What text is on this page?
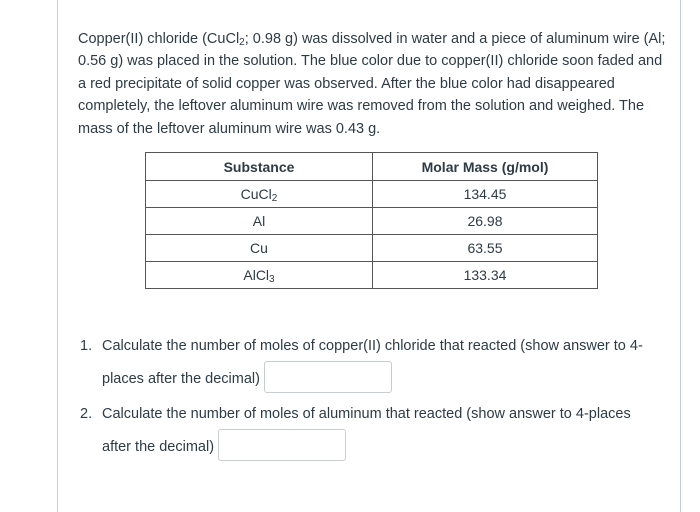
Copper(II) chloride (CuCl$_2$; 0.98 g) was dissolved in water and a piece of aluminum wire (Al; 0.56 g) was placed in the solution. The blue color due to copper(II) chloride soon faded and a red precipitate of solid copper was observed. After the blue color had disappeared completely, the leftover aluminum wire was removed from the solution and weighed. The mass of the leftover aluminum wire was 0.43 g.

Substance	Molar Mass (g/mol)
CuCl$_2$	134.45
Al	26.98
Cu	63.55
AlCl$_3$	133.34
1. Calculate the number of moles of copper(II) chloride that reacted (show answer to 4-
places after the decimal)
2. Calculate the number of moles of aluminum that reacted (show answer to 4-places
after the decimal)
